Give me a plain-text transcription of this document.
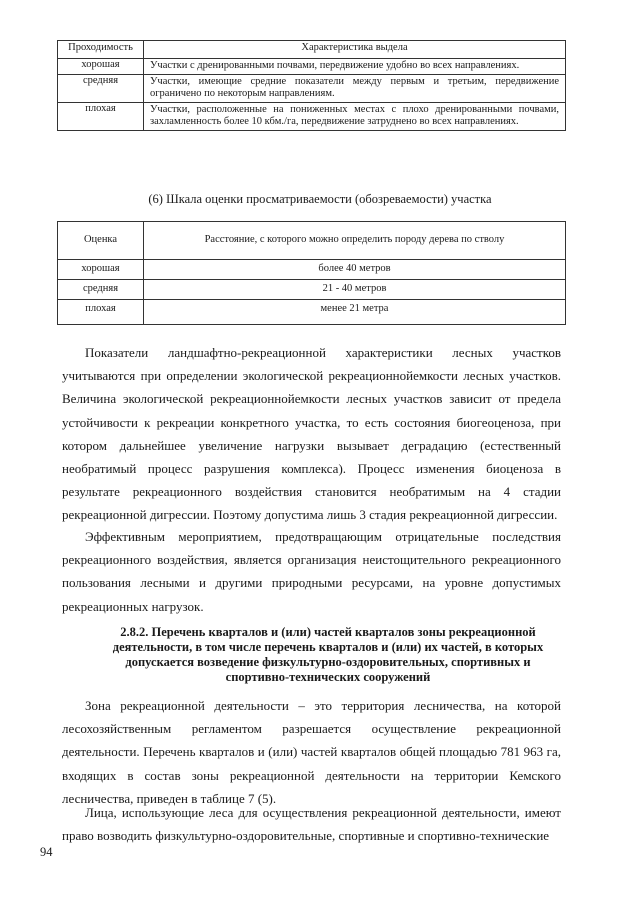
Проходимость	Характеристика выдела
хорошая	Участки с дренированными почвами, передвижение удобно во всех направлениях.
средняя	Участки, имеющие средние показатели между первым и третьим, передвижение ограничено по некоторым направлениям.
плохая	Участки, расположенные на пониженных местах с плохо дренированными почвами, захламленность более 10 кбм./га, передвижение затруднено во всех направлениях.
(6) Шкала оценки просматриваемости (обозреваемости) участка
Оценка	Расстояние, с которого можно определить породу дерева по стволу
хорошая	более 40 метров
средняя	21 - 40 метров
плохая	менее 21 метра

Показатели ландшафтно-рекреационной характеристики лесных участков учитываются при определении экологической рекреационнойемкости лесных участков. Величина экологической рекреационнойемкости лесных участков зависит от предела устойчивости к рекреации конкретного участка, то есть состояния биогеоценоза, при котором дальнейшее увеличение нагрузки вызывает деградацию (естественный необратимый процесс разрушения комплекса). Процесс изменения биоценоза в результате рекреационного воздействия становится необратимым на 4 стадии рекреационной дигрессии. Поэтому допустима лишь 3 стадия рекреационной дигрессии.

Эффективным мероприятием, предотвращающим отрицательные последствия рекреационного воздействия, является организация неистощительного рекреационного пользования лесными и другими природными ресурсами, на уровне допустимых рекреационных нагрузок.

2.8.2. Перечень кварталов и (или) частей кварталов зоны рекреационной деятельности, в том числе перечень кварталов и (или) их частей, в которых допускается возведение физкультурно-оздоровительных, спортивных и спортивно-технических сооружений

Зона рекреационной деятельности – это территория лесничества, на которой лесохозяйственным регламентом разрешается осуществление рекреационной деятельности. Перечень кварталов и (или) частей кварталов общей площадью 781 963 га, входящих в состав зоны рекреационной деятельности на территории Кемского лесничества, приведен в таблице 7 (5).

Лица, использующие леса для осуществления рекреационной деятельности, имеют право возводить физкультурно-оздоровительные, спортивные и спортивно-технические

94
